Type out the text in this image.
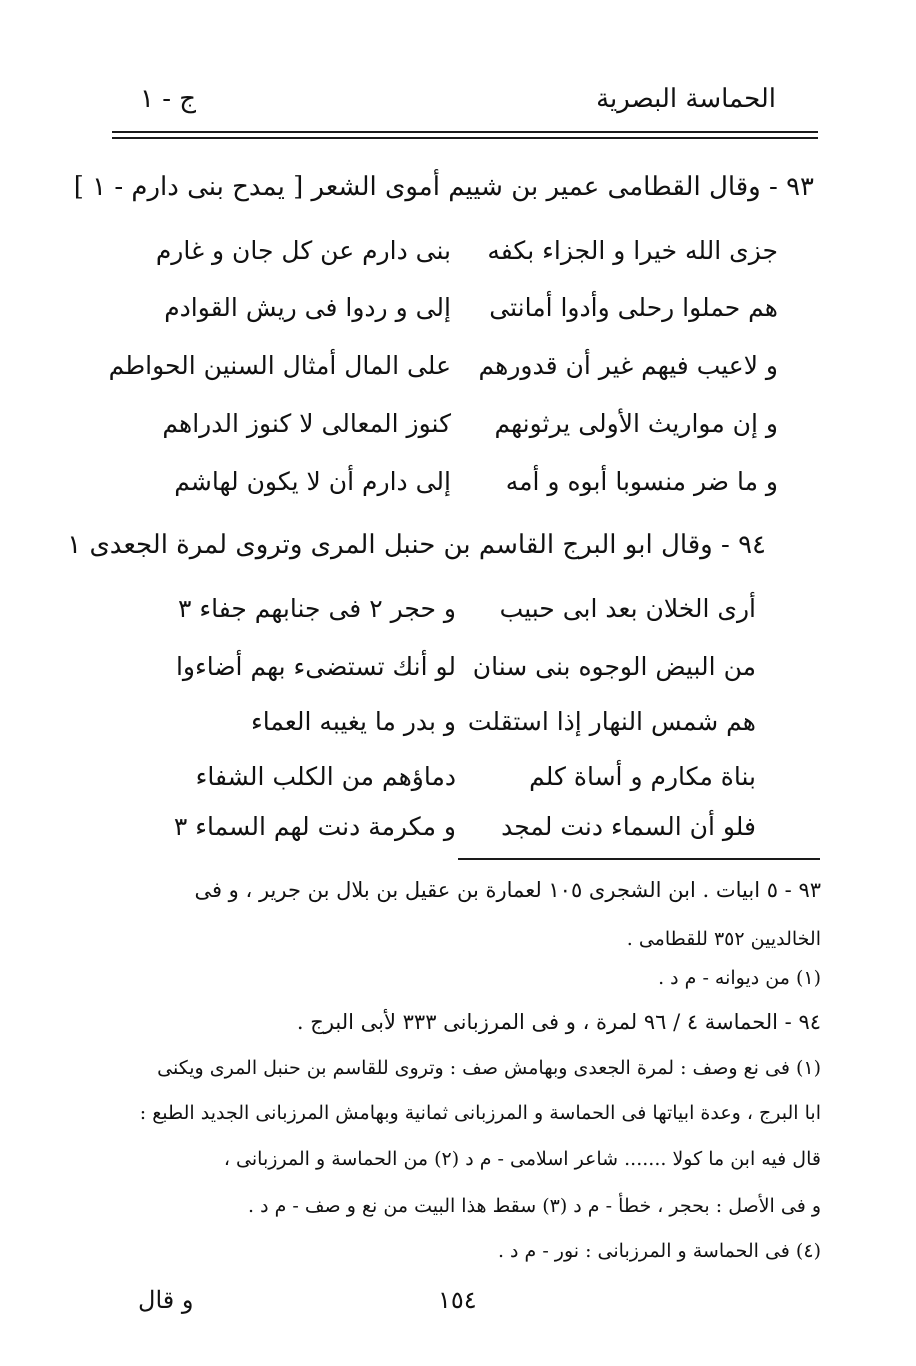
الحماسة البصرية
ج - ١
٩٣ - وقال القطامى عمير بن شييم أموى الشعر [ يمدح بنى دارم - ١ ]
جزى الله خيرا و الجزاء بكفه
بنى دارم عن كل جان و غارم
هم حملوا رحلى وأدوا أمانتى
إلى و ردوا فى ريش القوادم
و لاعيب فيهم غير أن قدورهم
على المال أمثال السنين الحواطم
و إن مواريث الأولى يرثونهم
كنوز المعالى لا كنوز الدراهم
و ما ضر منسوبا أبوه و أمه
إلى دارم أن لا يكون لهاشم
٩٤ - وقال ابو البرج القاسم بن حنبل المرى وتروى لمرة الجعدى ١
أرى الخلان بعد ابى حبيب
و حجر ٢ فى جنابهم جفاء ٣
من البيض الوجوه بنى سنان
لو أنك تستضىء بهم أضاءوا
هم شمس النهار إذا استقلت
و بدر ما يغيبه العماء
بناة مكارم و أساة كلم
دماؤهم من الكلب الشفاء
فلو أن السماء دنت لمجد
و مكرمة دنت لهم السماء ٣
٩٣ - ٥ ابيات . ابن الشجرى ١٠٥ لعمارة بن عقيل بن بلال بن جرير ، و فى
الخالديين ٣٥٢ للقطامى .
(١) من ديوانه - م د .
٩٤ - الحماسة ٤ / ٩٦ لمرة ، و فى المرزبانى ٣٣٣ لأبى البرج .
(١) فى نع وصف : لمرة الجعدى وبهامش صف : وتروى للقاسم بن حنبل المرى ويكنى
ابا البرج ، وعدة ابياتها فى الحماسة و المرزبانى ثمانية وبهامش المرزبانى الجديد الطبع :
قال فيه ابن ما كولا ....... شاعر اسلامى - م د (٢) من الحماسة و المرزبانى ،
و فى الأصل : بحجر ، خطأ - م د (٣) سقط هذا البيت من نع و صف - م د .
(٤) فى الحماسة و المرزبانى : نور - م د .
١٥٤
و قال
